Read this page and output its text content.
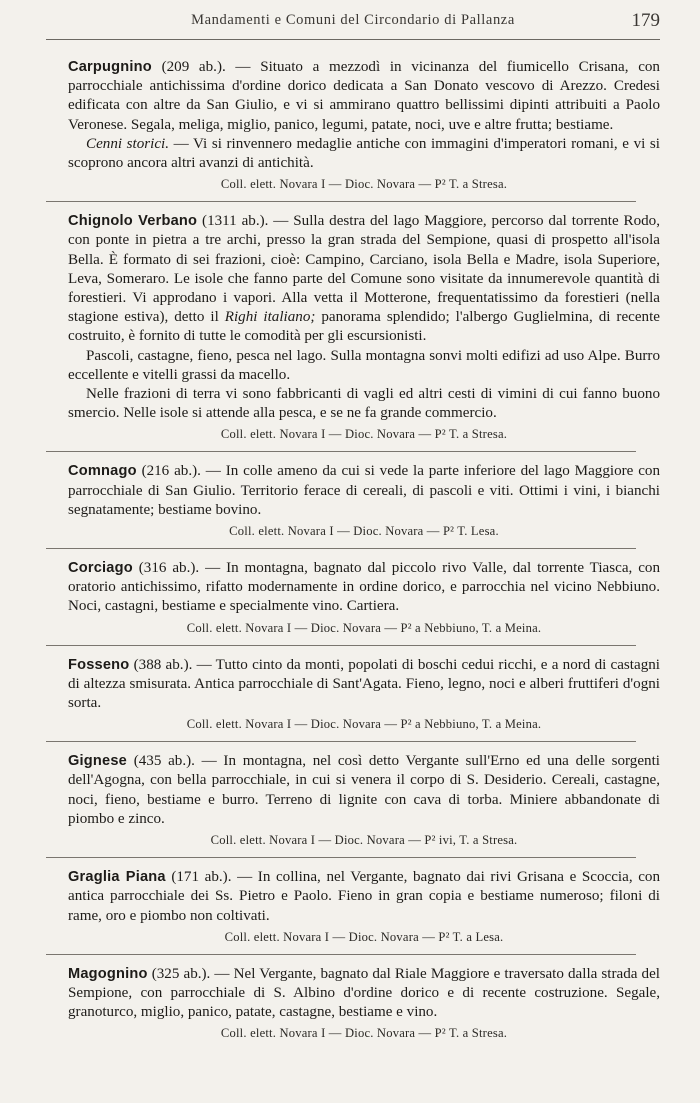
Mandamenti e Comuni del Circondario di Pallanza	179

Carpugnino (209 ab.). — Situato a mezzodì in vicinanza del fiumicello Crisana, con parrocchiale antichissima d'ordine dorico dedicata a San Donato vescovo di Arezzo. Credesi edificata con altre da San Giulio, e vi si ammirano quattro bellissimi dipinti attribuiti a Paolo Veronese. Segala, meliga, miglio, panico, legumi, patate, noci, uve e altre frutta; bestiame.

Cenni storici. — Vi si rinvennero medaglie antiche con immagini d'imperatori romani, e vi si scoprono ancora altri avanzi di antichità.

Coll. elett. Novara I — Dioc. Novara — P² T. a Stresa.

Chignolo Verbano (1311 ab.). — Sulla destra del lago Maggiore, percorso dal torrente Rodo, con ponte in pietra a tre archi, presso la gran strada del Sempione, quasi di prospetto all'isola Bella. È formato di sei frazioni, cioè: Campino, Carciano, isola Bella e Madre, isola Superiore, Leva, Someraro. Le isole che fanno parte del Comune sono visitate da innumerevole quantità di forestieri. Vi approdano i vapori. Alla vetta il Motterone, frequentatissimo da forestieri (nella stagione estiva), detto il Righi italiano; panorama splendido; l'albergo Guglielmina, di recente costruito, è fornito di tutte le comodità per gli escursionisti.

Pascoli, castagne, fieno, pesca nel lago. Sulla montagna sonvi molti edifizi ad uso Alpe. Burro eccellente e vitelli grassi da macello.

Nelle frazioni di terra vi sono fabbricanti di vagli ed altri cesti di vimini di cui fanno buono smercio. Nelle isole si attende alla pesca, e se ne fa grande commercio.

Coll. elett. Novara I — Dioc. Novara — P² T. a Stresa.

Comnago (216 ab.). — In colle ameno da cui si vede la parte inferiore del lago Maggiore con parrocchiale di San Giulio. Territorio ferace di cereali, di pascoli e viti. Ottimi i vini, i bianchi segnatamente; bestiame bovino.

Coll. elett. Novara I — Dioc. Novara — P² T. Lesa.

Corciago (316 ab.). — In montagna, bagnato dal piccolo rivo Valle, dal torrente Tiasca, con oratorio antichissimo, rifatto modernamente in ordine dorico, e parrocchia nel vicino Nebbiuno. Noci, castagni, bestiame e specialmente vino. Cartiera.

Coll. elett. Novara I — Dioc. Novara — P² a Nebbiuno, T. a Meina.

Fosseno (388 ab.). — Tutto cinto da monti, popolati di boschi cedui ricchi, e a nord di castagni di altezza smisurata. Antica parrocchiale di Sant'Agata. Fieno, legno, noci e alberi fruttiferi d'ogni sorta.

Coll. elett. Novara I — Dioc. Novara — P² a Nebbiuno, T. a Meina.

Gignese (435 ab.). — In montagna, nel così detto Vergante sull'Erno ed una delle sorgenti dell'Agogna, con bella parrocchiale, in cui si venera il corpo di S. Desiderio. Cereali, castagne, noci, fieno, bestiame e burro. Terreno di lignite con cava di torba. Miniere abbandonate di piombo e zinco.

Coll. elett. Novara I — Dioc. Novara — P² ivi, T. a Stresa.

Graglia Piana (171 ab.). — In collina, nel Vergante, bagnato dai rivi Grisana e Scoccia, con antica parrocchiale dei Ss. Pietro e Paolo. Fieno in gran copia e bestiame numeroso; filoni di rame, oro e piombo non coltivati.

Coll. elett. Novara I — Dioc. Novara — P² T. a Lesa.

Magognino (325 ab.). — Nel Vergante, bagnato dal Riale Maggiore e traversato dalla strada del Sempione, con parrocchiale di S. Albino d'ordine dorico e di recente costruzione. Segale, granoturco, miglio, panico, patate, castagne, bestiame e vino.

Coll. elett. Novara I — Dioc. Novara — P² T. a Stresa.
